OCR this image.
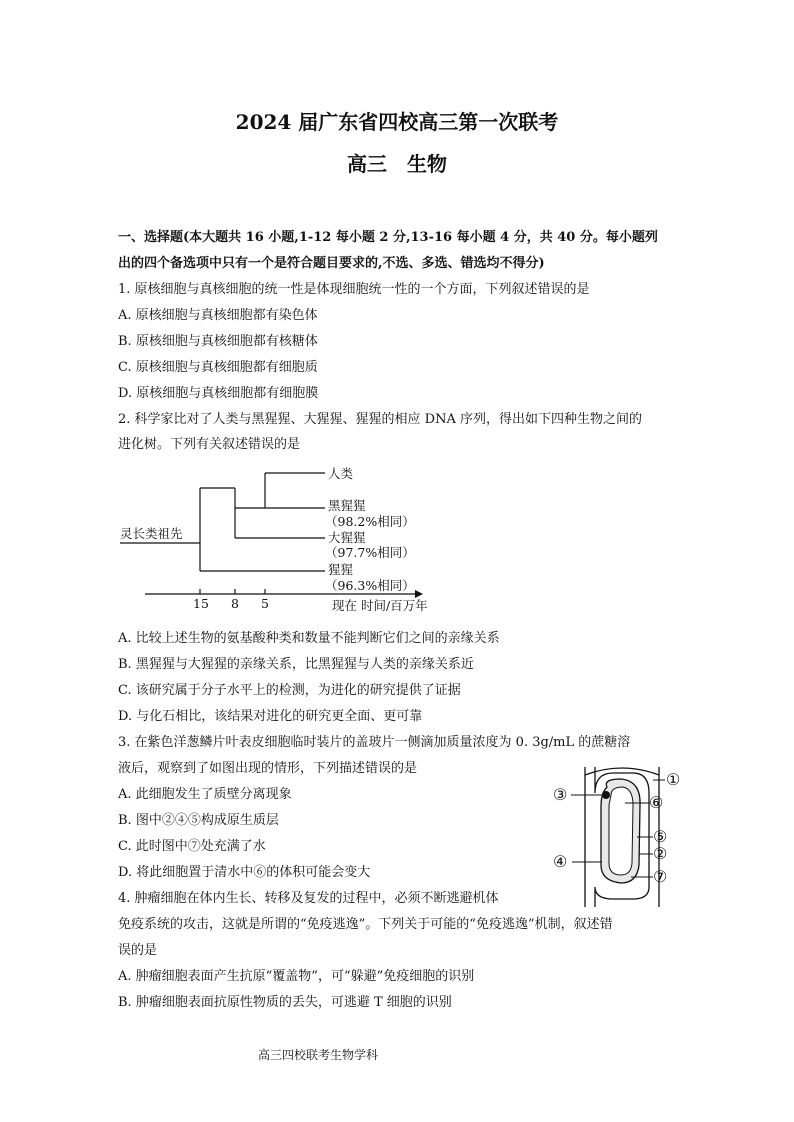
2024 届广东省四校高三第一次联考
高三　生物
一、选择题(本大题共 16 小题,1-12 每小题 2 分,13-16 每小题 4 分，共 40 分。每小题列
出的四个备选项中只有一个是符合题目要求的,不选、多选、错选均不得分)
1. 原核细胞与真核细胞的统一性是体现细胞统一性的一个方面，下列叙述错误的是
A. 原核细胞与真核细胞都有染色体
B. 原核细胞与真核细胞都有核糖体
C. 原核细胞与真核细胞都有细胞质
D. 原核细胞与真核细胞都有细胞膜
2. 科学家比对了人类与黑猩猩、大猩猩、猩猩的相应 DNA 序列，得出如下四种生物之间的
进化树。下列有关叙述错误的是
灵长类祖先
人类
黑猩猩
（98.2%相同）
大猩猩
（97.7%相同）
猩猩
（96.3%相同）
15 8 5	现在 时间/百万年
A. 比较上述生物的氨基酸种类和数量不能判断它们之间的亲缘关系
B. 黑猩猩与大猩猩的亲缘关系，比黑猩猩与人类的亲缘关系近
C. 该研究属于分子水平上的检测，为进化的研究提供了证据
D. 与化石相比，该结果对进化的研究更全面、更可靠
3. 在紫色洋葱鳞片叶表皮细胞临时装片的盖玻片一侧滴加质量浓度为 0. 3g/mL 的蔗糖溶
液后，观察到了如图出现的情形，下列描述错误的是
A. 此细胞发生了质壁分离现象
B. 图中②④⑤构成原生质层
C. 此时图中⑦处充满了水
D. 将此细胞置于清水中⑥的体积可能会变大
①
③	⑥
⑤
②
④
⑦
4. 肿瘤细胞在体内生长、转移及复发的过程中，必须不断逃避机体
免疫系统的攻击，这就是所谓的“免疫逃逸”。下列关于可能的“免疫逃逸”机制，叙述错
误的是
A. 肿瘤细胞表面产生抗原“覆盖物”，可“躲避”免疫细胞的识别
B. 肿瘤细胞表面抗原性物质的丢失，可逃避 T 细胞的识别
高三四校联考生物学科
